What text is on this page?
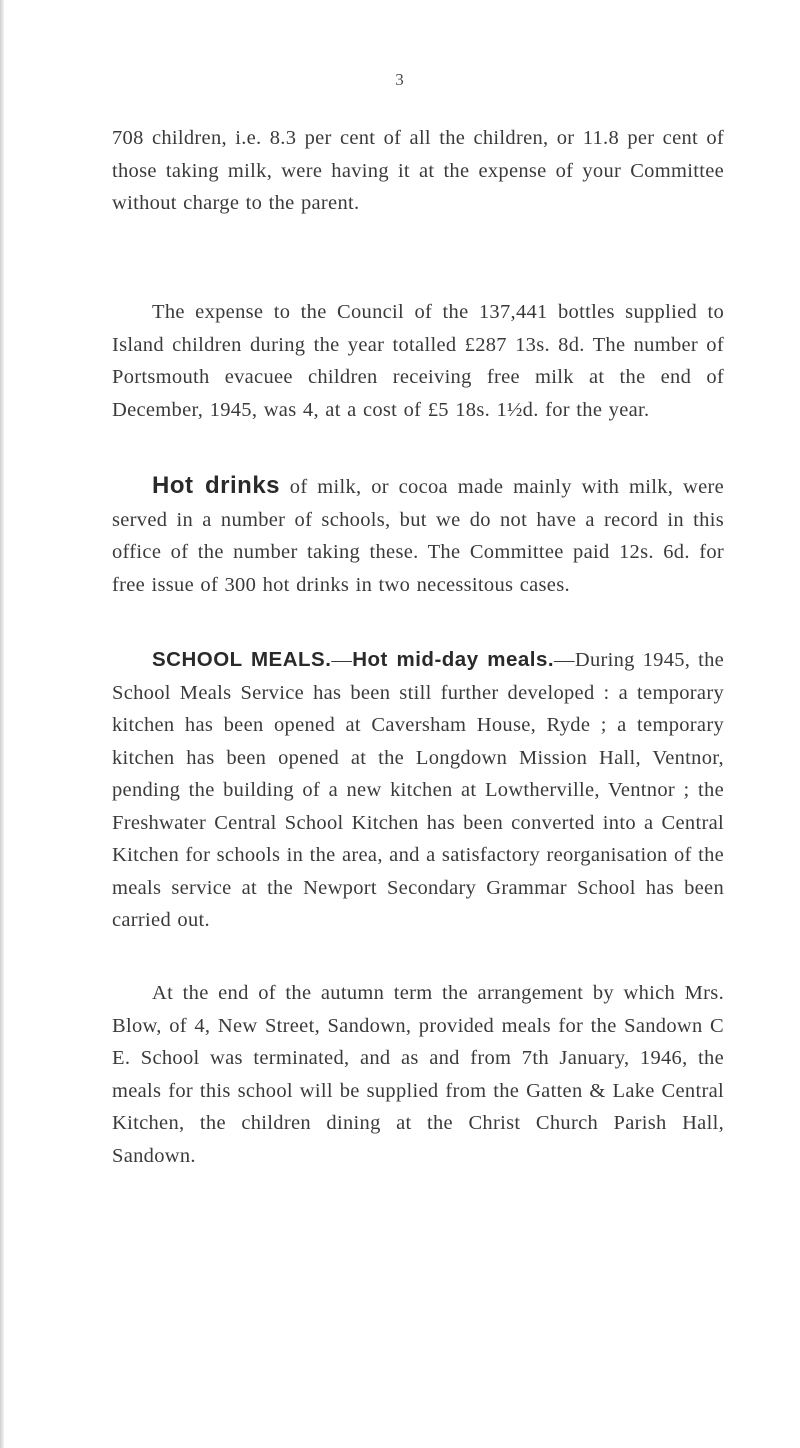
3

708 children, i.e. 8.3 per cent of all the children, or 11.8 per cent of those taking milk, were having it at the expense of your Committee without charge to the parent.

The expense to the Council of the 137,441 bottles supplied to Island children during the year totalled £287 13s. 8d. The number of Portsmouth evacuee children receiving free milk at the end of December, 1945, was 4, at a cost of £5 18s. 1½d. for the year.

Hot drinks of milk, or cocoa made mainly with milk, were served in a number of schools, but we do not have a record in this office of the number taking these. The Committee paid 12s. 6d. for free issue of 300 hot drinks in two necessitous cases.

SCHOOL MEALS.—Hot mid-day meals.—During 1945, the School Meals Service has been still further developed : a temporary kitchen has been opened at Caversham House, Ryde ; a temporary kitchen has been opened at the Longdown Mission Hall, Ventnor, pending the building of a new kitchen at Lowtherville, Ventnor ; the Freshwater Central School Kitchen has been converted into a Central Kitchen for schools in the area, and a satisfactory reorganisation of the meals service at the Newport Secondary Grammar School has been carried out.

At the end of the autumn term the arrangement by which Mrs. Blow, of 4, New Street, Sandown, provided meals for the Sandown C E. School was terminated, and as and from 7th January, 1946, the meals for this school will be supplied from the Gatten & Lake Central Kitchen, the children dining at the Christ Church Parish Hall, Sandown.
